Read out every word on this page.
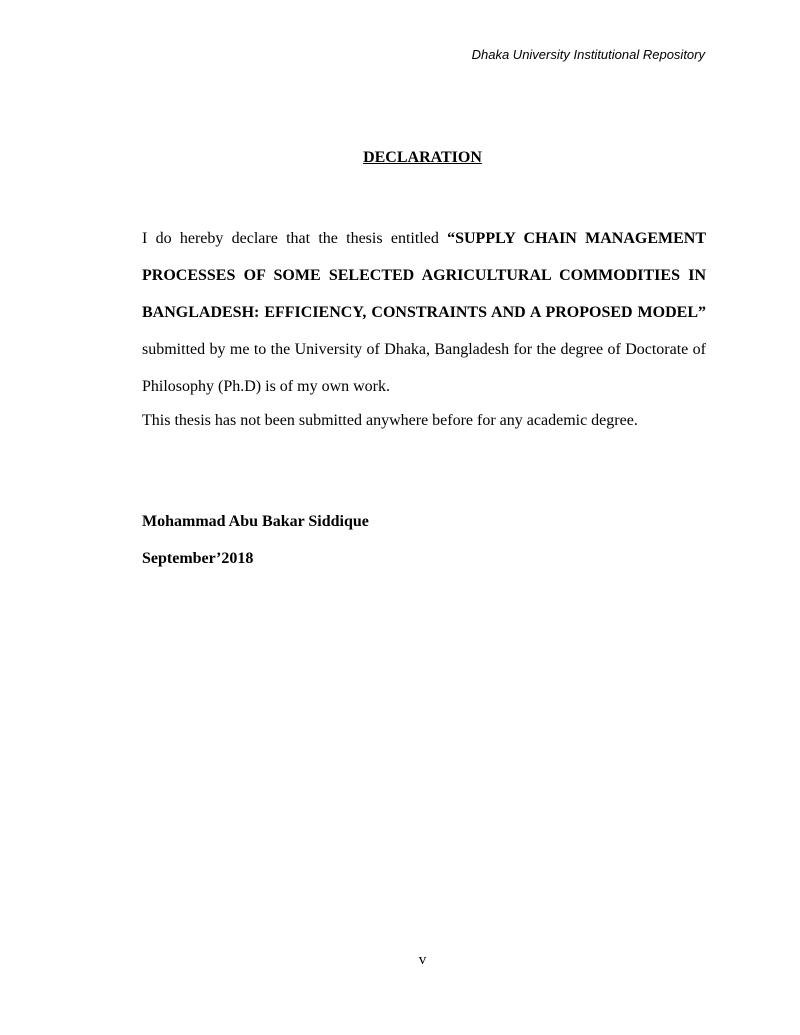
Dhaka University Institutional Repository
DECLARATION

I do hereby declare that the thesis entitled “SUPPLY CHAIN MANAGEMENT PROCESSES OF SOME SELECTED AGRICULTURAL COMMODITIES IN BANGLADESH: EFFICIENCY, CONSTRAINTS AND A PROPOSED MODEL” submitted by me to the University of Dhaka, Bangladesh for the degree of Doctorate of Philosophy (Ph.D) is of my own work.

This thesis has not been submitted anywhere before for any academic degree.

Mohammad Abu Bakar Siddique
September’2018
v
